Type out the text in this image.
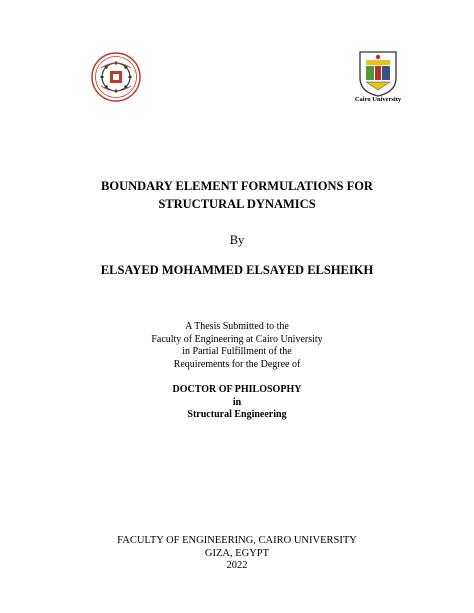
Cairo University
BOUNDARY ELEMENT FORMULATIONS FOR
STRUCTURAL DYNAMICS
By
ELSAYED MOHAMMED ELSAYED ELSHEIKH
A Thesis Submitted to the
Faculty of Engineering at Cairo University
in Partial Fulfillment of the
Requirements for the Degree of
DOCTOR OF PHILOSOPHY
in
Structural Engineering
FACULTY OF ENGINEERING, CAIRO UNIVERSITY
GIZA, EGYPT
2022
